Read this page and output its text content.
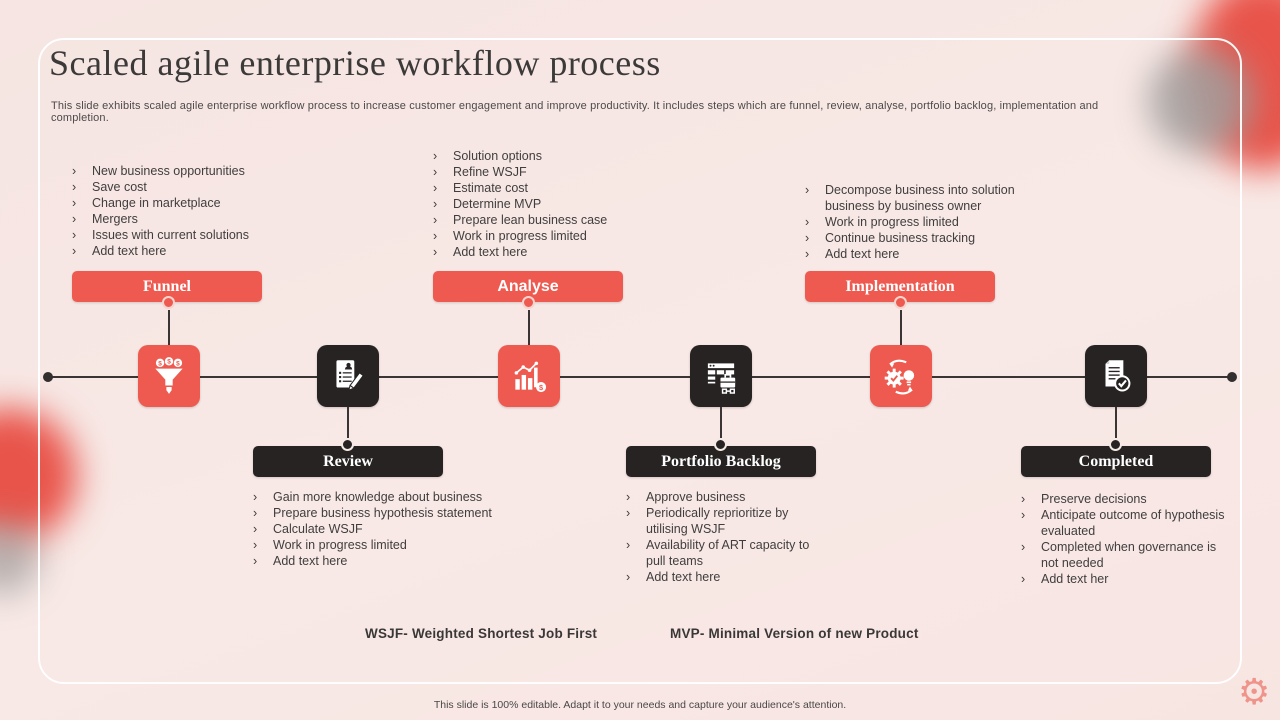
Scaled agile enterprise workflow process
This slide exhibits scaled agile enterprise workflow process to increase customer engagement and improve productivity. It includes steps which are funnel, review, analyse, portfolio backlog, implementation and completion.
›	New business opportunities
›	Save cost
›	Change in marketplace
›	Mergers
›	Issues with current solutions
›	Add text here
Funnel
$ $ $
Review
›	Gain more knowledge about business
›	Prepare business hypothesis statement
›	Calculate WSJF
›	Work in progress limited
›	Add text here
›	Solution options
›	Refine WSJF
›	Estimate cost
›	Determine MVP
›	Prepare lean business case
›	Work in progress limited
›	Add text here
Analyse
$
Portfolio Backlog
›	Approve business
›	Periodically reprioritize by utilising WSJF
›	Availability of ART capacity to pull teams
›	Add text here
›	Decompose business into solution business by business owner
›	Work in progress limited
›	Continue business tracking
›	Add text here
Implementation
Completed
›	Preserve decisions
›	Anticipate outcome of hypothesis evaluated
›	Completed when governance is not needed
›	Add text her
WSJF- Weighted Shortest Job First	MVP- Minimal Version of new Product
This slide is 100% editable. Adapt it to your needs and capture your audience's attention.	⚙
